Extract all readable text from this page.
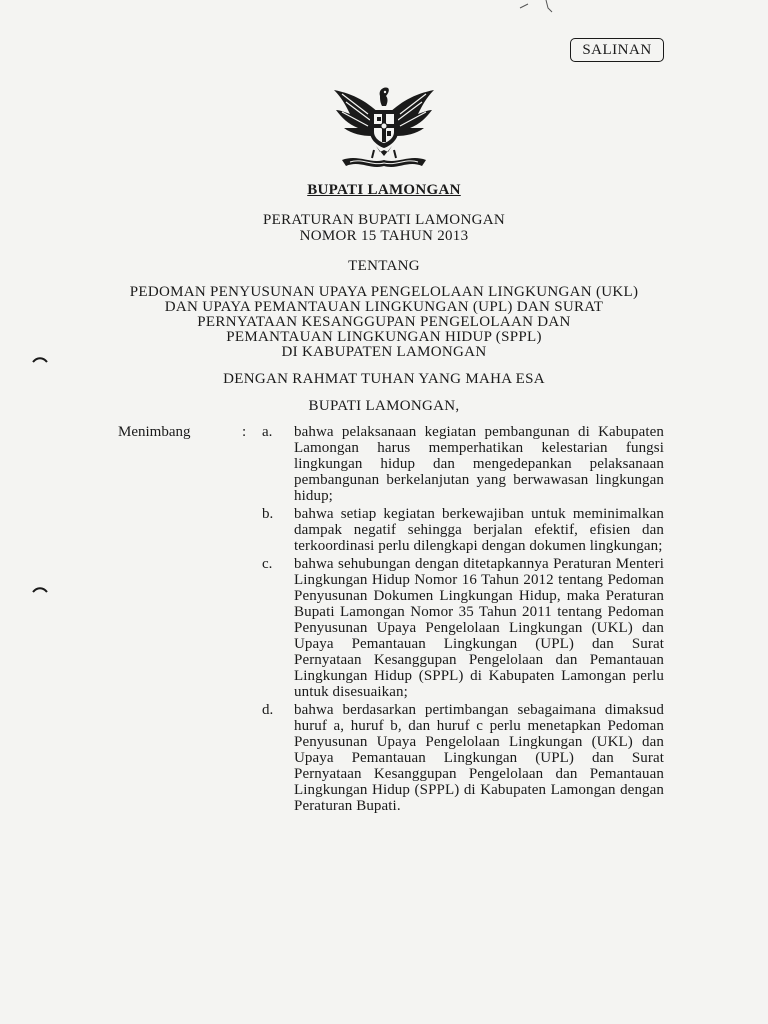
SALINAN
BUPATI LAMONGAN
PERATURAN BUPATI LAMONGAN
NOMOR 15 TAHUN 2013
TENTANG
PEDOMAN PENYUSUNAN UPAYA PENGELOLAAN LINGKUNGAN (UKL)
DAN UPAYA PEMANTAUAN LINGKUNGAN (UPL) DAN SURAT
PERNYATAAN KESANGGUPAN PENGELOLAAN DAN
PEMANTAUAN LINGKUNGAN HIDUP (SPPL)
DI KABUPATEN LAMONGAN
DENGAN RAHMAT TUHAN YANG MAHA ESA
BUPATI LAMONGAN,
Menimbang	: a.	bahwa pelaksanaan kegiatan pembangunan di Kabupaten Lamongan harus memperhatikan kelestarian fungsi lingkungan hidup dan mengedepankan pelaksanaan pembangunan berkelanjutan yang berwawasan lingkungan hidup;
b.	bahwa setiap kegiatan berkewajiban untuk meminimalkan dampak negatif sehingga berjalan efektif, efisien dan terkoordinasi perlu dilengkapi dengan dokumen lingkungan;
c.	bahwa sehubungan dengan ditetapkannya Peraturan Menteri Lingkungan Hidup Nomor 16 Tahun 2012 tentang Pedoman Penyusunan Dokumen Lingkungan Hidup, maka Peraturan Bupati Lamongan Nomor 35 Tahun 2011 tentang Pedoman Penyusunan Upaya Pengelolaan Lingkungan (UKL) dan Upaya Pemantauan Lingkungan (UPL) dan Surat Pernyataan Kesanggupan Pengelolaan dan Pemantauan Lingkungan Hidup (SPPL) di Kabupaten Lamongan perlu untuk disesuaikan;
d.	bahwa berdasarkan pertimbangan sebagaimana dimaksud huruf a, huruf b, dan huruf c perlu menetapkan Pedoman Penyusunan Upaya Pengelolaan Lingkungan (UKL) dan Upaya Pemantauan Lingkungan (UPL) dan Surat Pernyataan Kesanggupan Pengelolaan dan Pemantauan Lingkungan Hidup (SPPL) di Kabupaten Lamongan dengan Peraturan Bupati.
